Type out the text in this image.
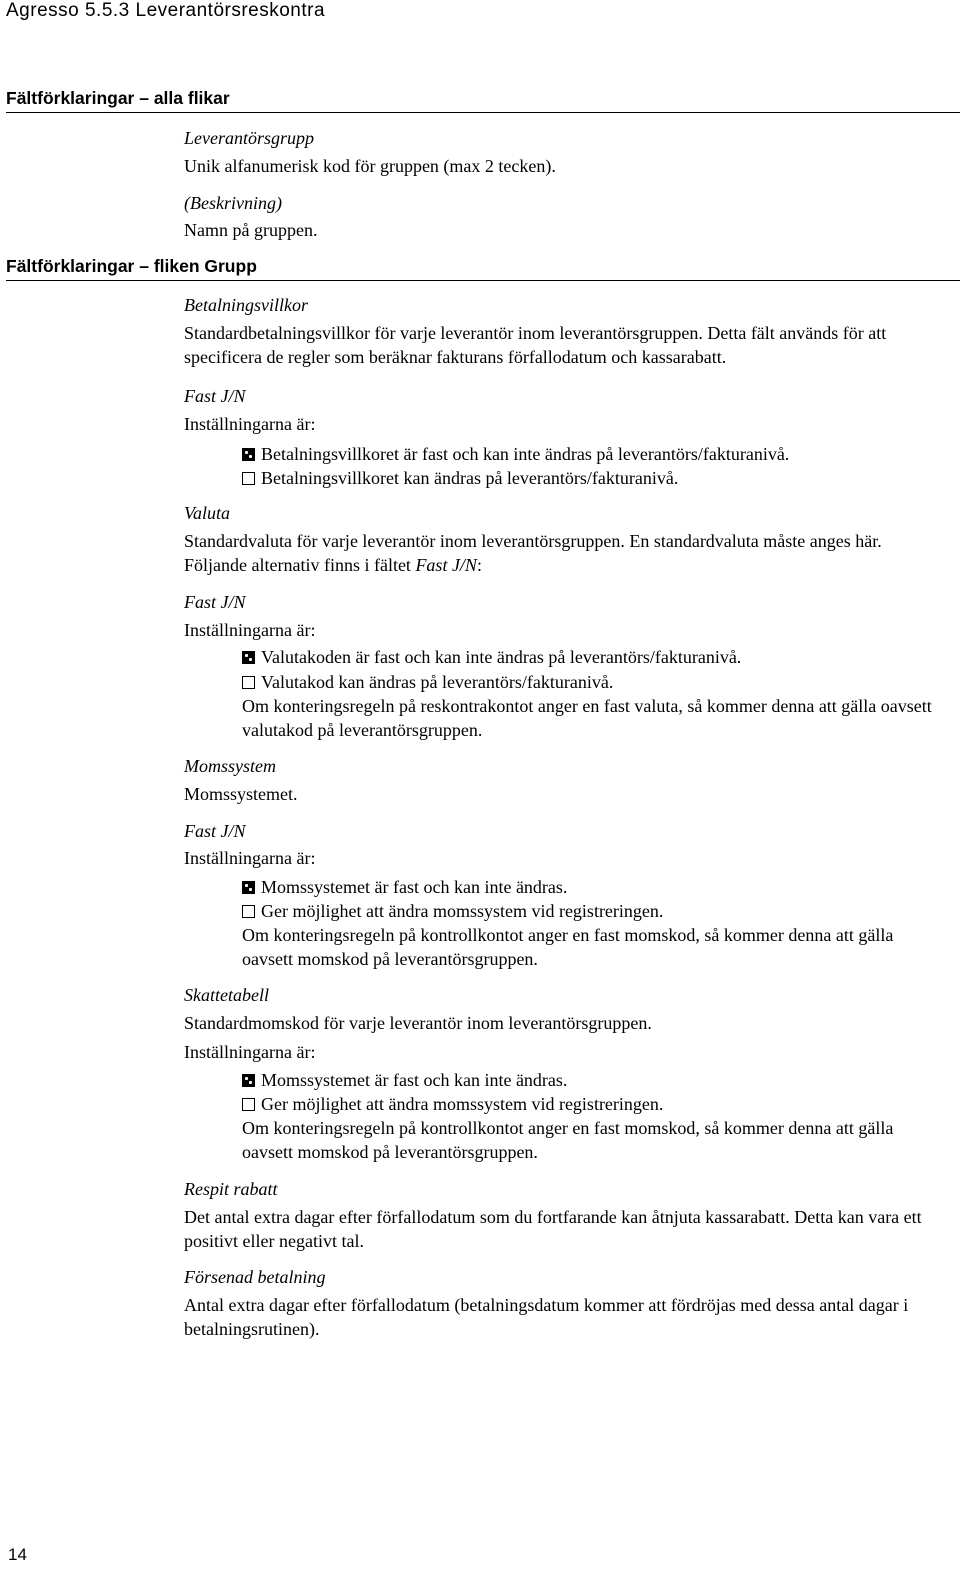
Agresso 5.5.3 Leverantörsreskontra
Fältförklaringar – alla flikar
Leverantörsgrupp
Unik alfanumerisk kod för gruppen (max 2 tecken).
(Beskrivning)
Namn på gruppen.
Fältförklaringar – fliken Grupp
Betalningsvillkor
Standardbetalningsvillkor för varje leverantör inom leverantörsgruppen. Detta fält används för att specificera de regler som beräknar fakturans förfallodatum och kassarabatt.
Fast J/N
Inställningarna är:
Betalningsvillkoret är fast och kan inte ändras på leverantörs/fakturanivå.
Betalningsvillkoret kan ändras på leverantörs/fakturanivå.
Valuta
Standardvaluta för varje leverantör inom leverantörsgruppen. En standardvaluta måste anges här. Följande alternativ finns i fältet Fast J/N:
Fast J/N
Inställningarna är:
Valutakoden är fast och kan inte ändras på leverantörs/fakturanivå.
Valutakod kan ändras på leverantörs/fakturanivå.
Om konteringsregeln på reskontrakontot anger en fast valuta, så kommer denna att gälla oavsett valutakod på leverantörsgruppen.
Momssystem
Momssystemet.
Fast J/N
Inställningarna är:
Momssystemet är fast och kan inte ändras.
Ger möjlighet att ändra momssystem vid registreringen.
Om konteringsregeln på kontrollkontot anger en fast momskod, så kommer denna att gälla oavsett momskod på leverantörsgruppen.
Skattetabell
Standardmomskod för varje leverantör inom leverantörsgruppen.
Inställningarna är:
Momssystemet är fast och kan inte ändras.
Ger möjlighet att ändra momssystem vid registreringen.
Om konteringsregeln på kontrollkontot anger en fast momskod, så kommer denna att gälla oavsett momskod på leverantörsgruppen.
Respit rabatt
Det antal extra dagar efter förfallodatum som du fortfarande kan åtnjuta kassarabatt. Detta kan vara ett positivt eller negativt tal.
Försenad betalning
Antal extra dagar efter förfallodatum (betalningsdatum kommer att fördröjas med dessa antal dagar i betalningsrutinen).
14
